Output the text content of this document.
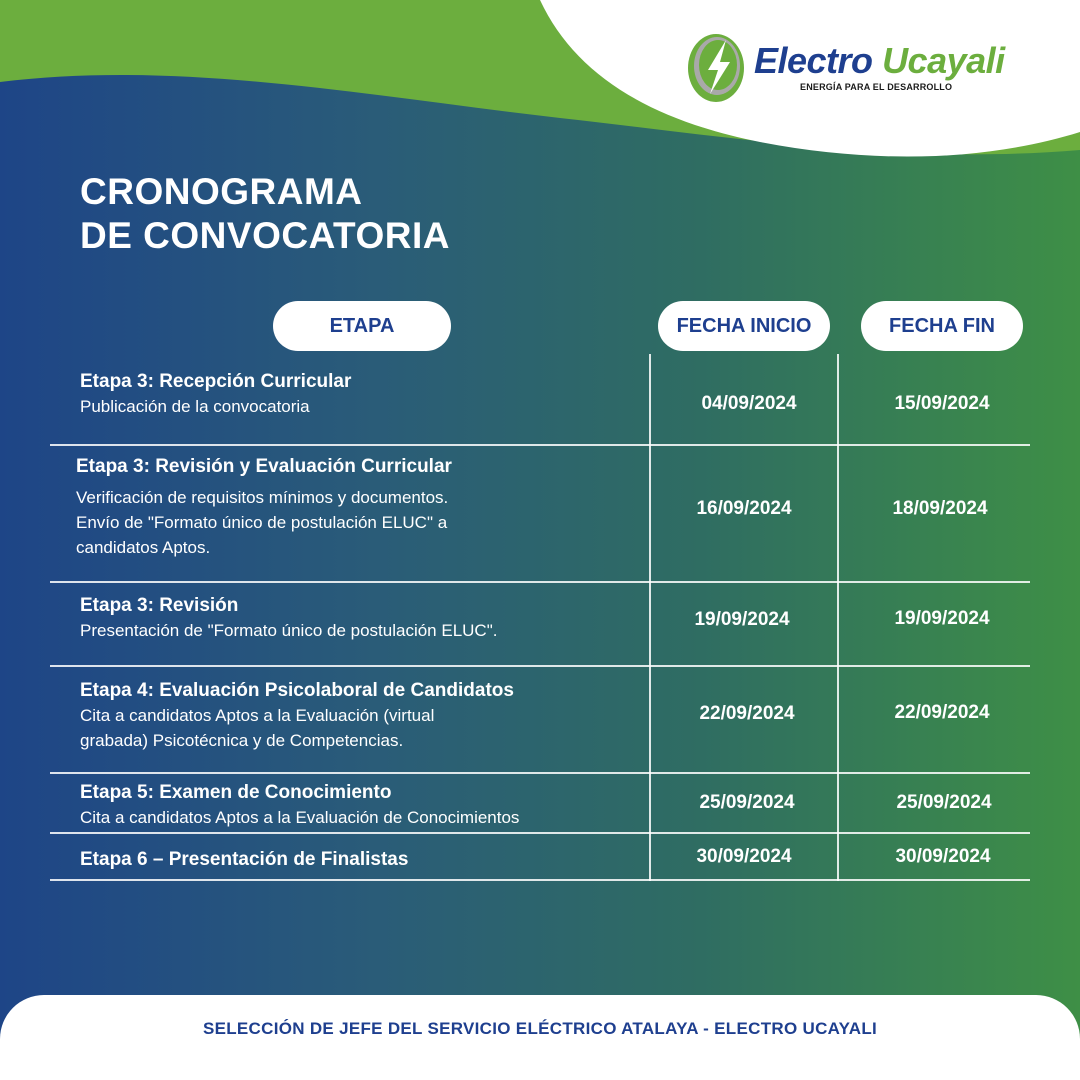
Electro Ucayali
ENERGÍA PARA EL DESARROLLO
CRONOGRAMA
DE CONVOCATORIA
ETAPA	FECHA INICIO	FECHA FIN
Etapa 3: Recepción Curricular
Publicación de la convocatoria	04/09/2024	15/09/2024
Etapa 3: Revisión y Evaluación Curricular
Verificación de requisitos mínimos y documentos.
Envío de "Formato único de postulación ELUC" a
candidatos Aptos.
16/09/2024	18/09/2024
Etapa 3: Revisión
Presentación de "Formato único de postulación ELUC".
19/09/2024	19/09/2024
Etapa 4: Evaluación Psicolaboral de Candidatos
Cita a candidatos Aptos a la Evaluación (virtual
grabada) Psicotécnica y de Competencias.
22/09/2024	22/09/2024
Etapa 5: Examen de Conocimiento
Cita a candidatos Aptos a la Evaluación de Conocimientos
25/09/2024	25/09/2024
Etapa 6 – Presentación de Finalistas	30/09/2024	30/09/2024
SELECCIÓN DE JEFE DEL SERVICIO ELÉCTRICO ATALAYA - ELECTRO UCAYALI
